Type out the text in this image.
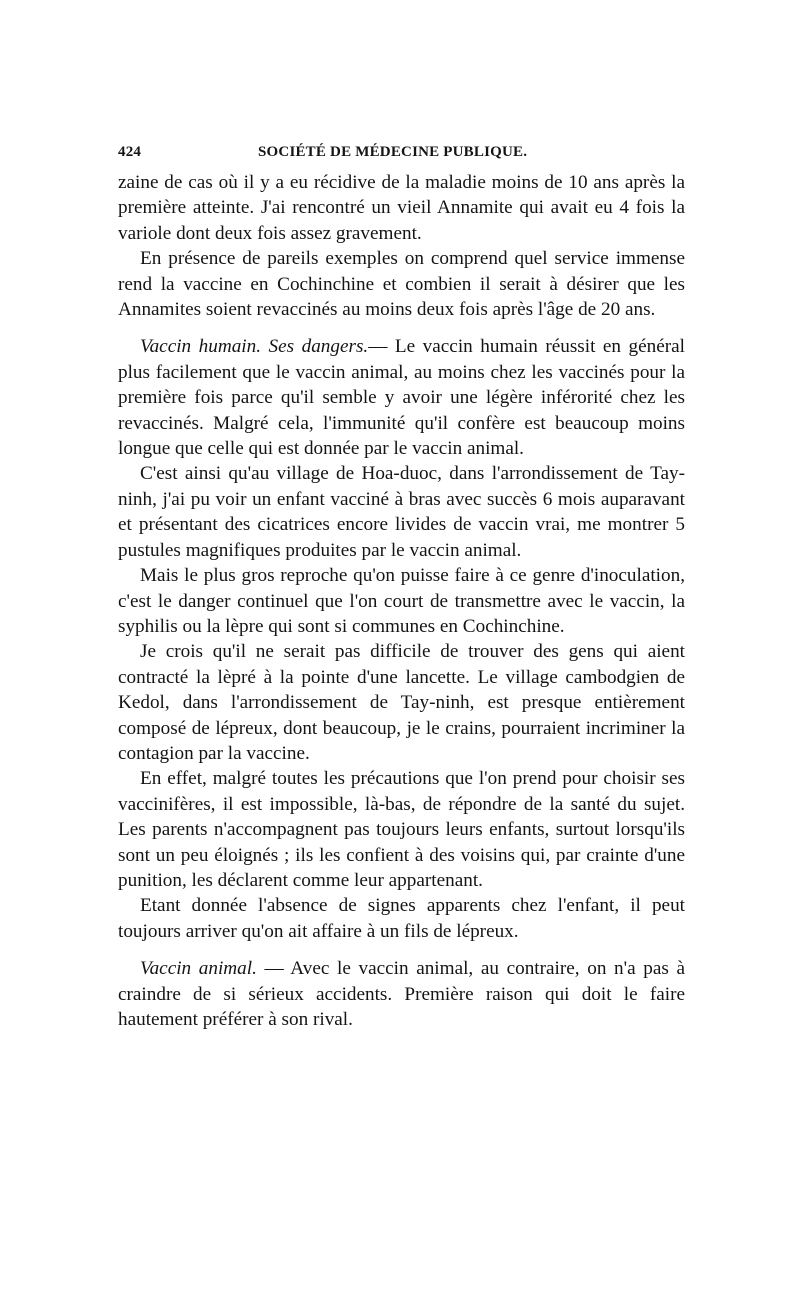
424	SOCIÉTÉ DE MÉDECINE PUBLIQUE.

zaine de cas où il y a eu récidive de la maladie moins de 10 ans après la première atteinte. J'ai rencontré un vieil Annamite qui avait eu 4 fois la variole dont deux fois assez gravement.

En présence de pareils exemples on comprend quel service immense rend la vaccine en Cochinchine et combien il serait à désirer que les Annamites soient revaccinés au moins deux fois après l'âge de 20 ans.

Vaccin humain. Ses dangers.— Le vaccin humain réussit en général plus facilement que le vaccin animal, au moins chez les vaccinés pour la première fois parce qu'il semble y avoir une légère inférorité chez les revaccinés. Malgré cela, l'immunité qu'il confère est beaucoup moins longue que celle qui est donnée par le vaccin animal.

C'est ainsi qu'au village de Hoa-duoc, dans l'arrondissement de Tay-ninh, j'ai pu voir un enfant vacciné à bras avec succès 6 mois auparavant et présentant des cicatrices encore livides de vaccin vrai, me montrer 5 pustules magnifiques produites par le vaccin animal.

Mais le plus gros reproche qu'on puisse faire à ce genre d'inoculation, c'est le danger continuel que l'on court de transmettre avec le vaccin, la syphilis ou la lèpre qui sont si communes en Cochinchine.

Je crois qu'il ne serait pas difficile de trouver des gens qui aient contracté la lèpré à la pointe d'une lancette. Le village cambodgien de Kedol, dans l'arrondissement de Tay-ninh, est presque entièrement composé de lépreux, dont beaucoup, je le crains, pourraient incriminer la contagion par la vaccine.

En effet, malgré toutes les précautions que l'on prend pour choisir ses vaccinifères, il est impossible, là-bas, de répondre de la santé du sujet. Les parents n'accompagnent pas toujours leurs enfants, surtout lorsqu'ils sont un peu éloignés ; ils les confient à des voisins qui, par crainte d'une punition, les déclarent comme leur appartenant.

Etant donnée l'absence de signes apparents chez l'enfant, il peut toujours arriver qu'on ait affaire à un fils de lépreux.

Vaccin animal. — Avec le vaccin animal, au contraire, on n'a pas à craindre de si sérieux accidents. Première raison qui doit le faire hautement préférer à son rival.
